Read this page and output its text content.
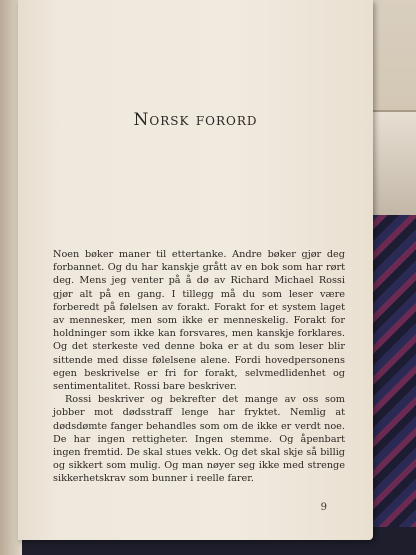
Norsk forord

Noen bøker maner til ettertanke. Andre bøker gjør deg forbannet. Og du har kanskje grått av en bok som har rørt deg. Mens jeg venter på å dø av Richard Michael Rossi gjør alt på en gang. I tillegg må du som leser være forberedt på følelsen av forakt. Forakt for et system laget av mennesker, men som ikke er menneskelig. Forakt for holdninger som ikke kan forsvares, men kanskje forklares. Og det sterkeste ved denne boka er at du som leser blir sittende med disse følelsene alene. Fordi hovedpersonens egen beskrivelse er fri for forakt, selvmedlidenhet og sentimentalitet. Rossi bare beskriver.

Rossi beskriver og bekrefter det mange av oss som jobber mot dødsstraff lenge har fryktet. Nemlig at dødsdømte fanger behandles som om de ikke er verdt noe. De har ingen rettigheter. Ingen stemme. Og åpenbart ingen fremtid. De skal stues vekk. Og det skal skje så billig og sikkert som mulig. Og man nøyer seg ikke med strenge sikkerhetskrav som bunner i reelle farer.

9
